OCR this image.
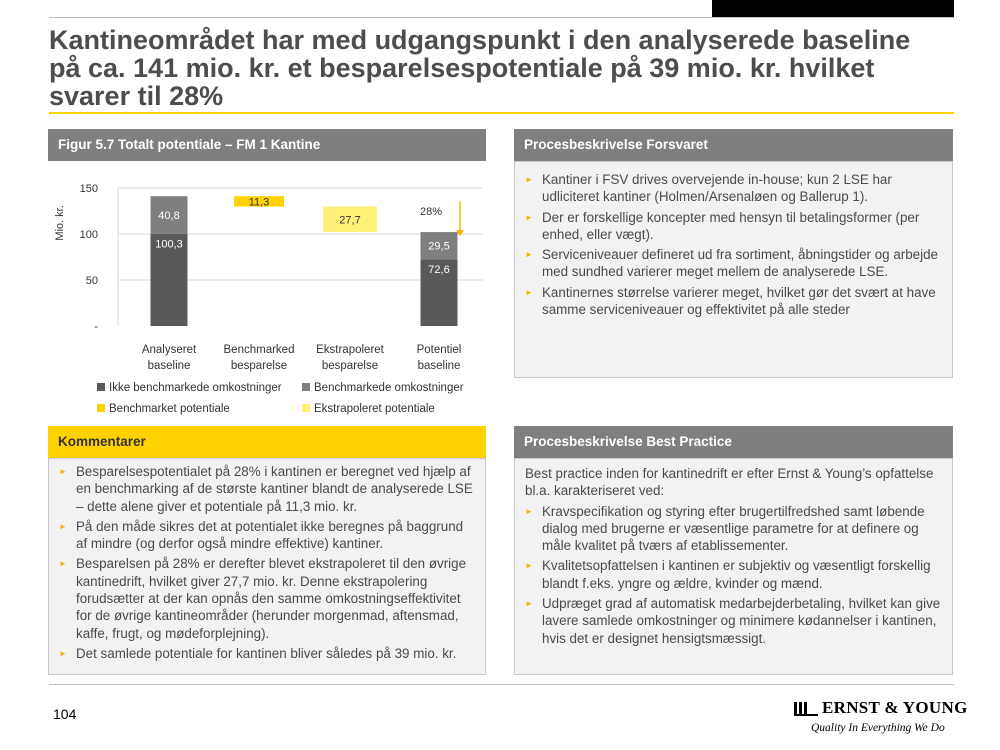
Kantineområdet har med udgangspunkt i den analyserede baseline
på ca. 141 mio. kr. et besparelsespotentiale på 39 mio. kr. hvilket
svarer til 28%
Figur 5.7 Totalt potentiale – FM 1 Kantine
-
50
100
150
Mio. kr.
100,3
40,8
72,6
29,5
11,3
27,7
28%
Analyseret
baseline
Benchmarked
besparelse
Ekstrapoleret
besparelse
Potentiel
baseline
Ikke benchmarkede omkostninger	Benchmarkede omkostninger
Benchmarket potentiale	Ekstrapoleret potentiale
Procesbeskrivelse Forsvaret
► Kantiner i FSV drives overvejende in-house; kun 2 LSE har udliciteret kantiner (Holmen/Arsenaløen og Ballerup 1).
► Der er forskellige koncepter med hensyn til betalingsformer (per enhed, eller vægt).
► Serviceniveauer defineret ud fra sortiment, åbningstider og arbejde med sundhed varierer meget mellem de analyserede LSE.
► Kantinernes størrelse varierer meget, hvilket gør det svært at have samme serviceniveauer og effektivitet på alle steder
Kommentarer
► Besparelsespotentialet på 28% i kantinen er beregnet ved hjælp af en benchmarking af de største kantiner blandt de analyserede LSE – dette alene giver et potentiale på 11,3 mio. kr.
► På den måde sikres det at potentialet ikke beregnes på baggrund af mindre (og derfor også mindre effektive) kantiner.
► Besparelsen på 28% er derefter blevet ekstrapoleret til den øvrige kantinedrift, hvilket giver 27,7 mio. kr. Denne ekstrapolering forudsætter at der kan opnås den samme omkostningseffektivitet for de øvrige kantineområder (herunder morgenmad, aftensmad, kaffe, frugt, og mødeforplejning).
► Det samlede potentiale for kantinen bliver således på 39 mio. kr.
Procesbeskrivelse Best Practice

Best practice inden for kantinedrift er efter Ernst & Young’s opfattelse bl.a. karakteriseret ved:

► Kravspecifikation og styring efter brugertilfredshed samt løbende dialog med brugerne er væsentlige parametre for at definere og måle kvalitet på tværs af etablissementer.
► Kvalitetsopfattelsen i kantinen er subjektiv og væsentligt forskellig blandt f.eks. yngre og ældre, kvinder og mænd.
► Udpræget grad af automatisk medarbejderbetaling, hvilket kan give lavere samlede omkostninger og minimere kødannelser i kantinen, hvis det er designet hensigtsmæssigt.
104	ERNST & YOUNG
Quality In Everything We Do
